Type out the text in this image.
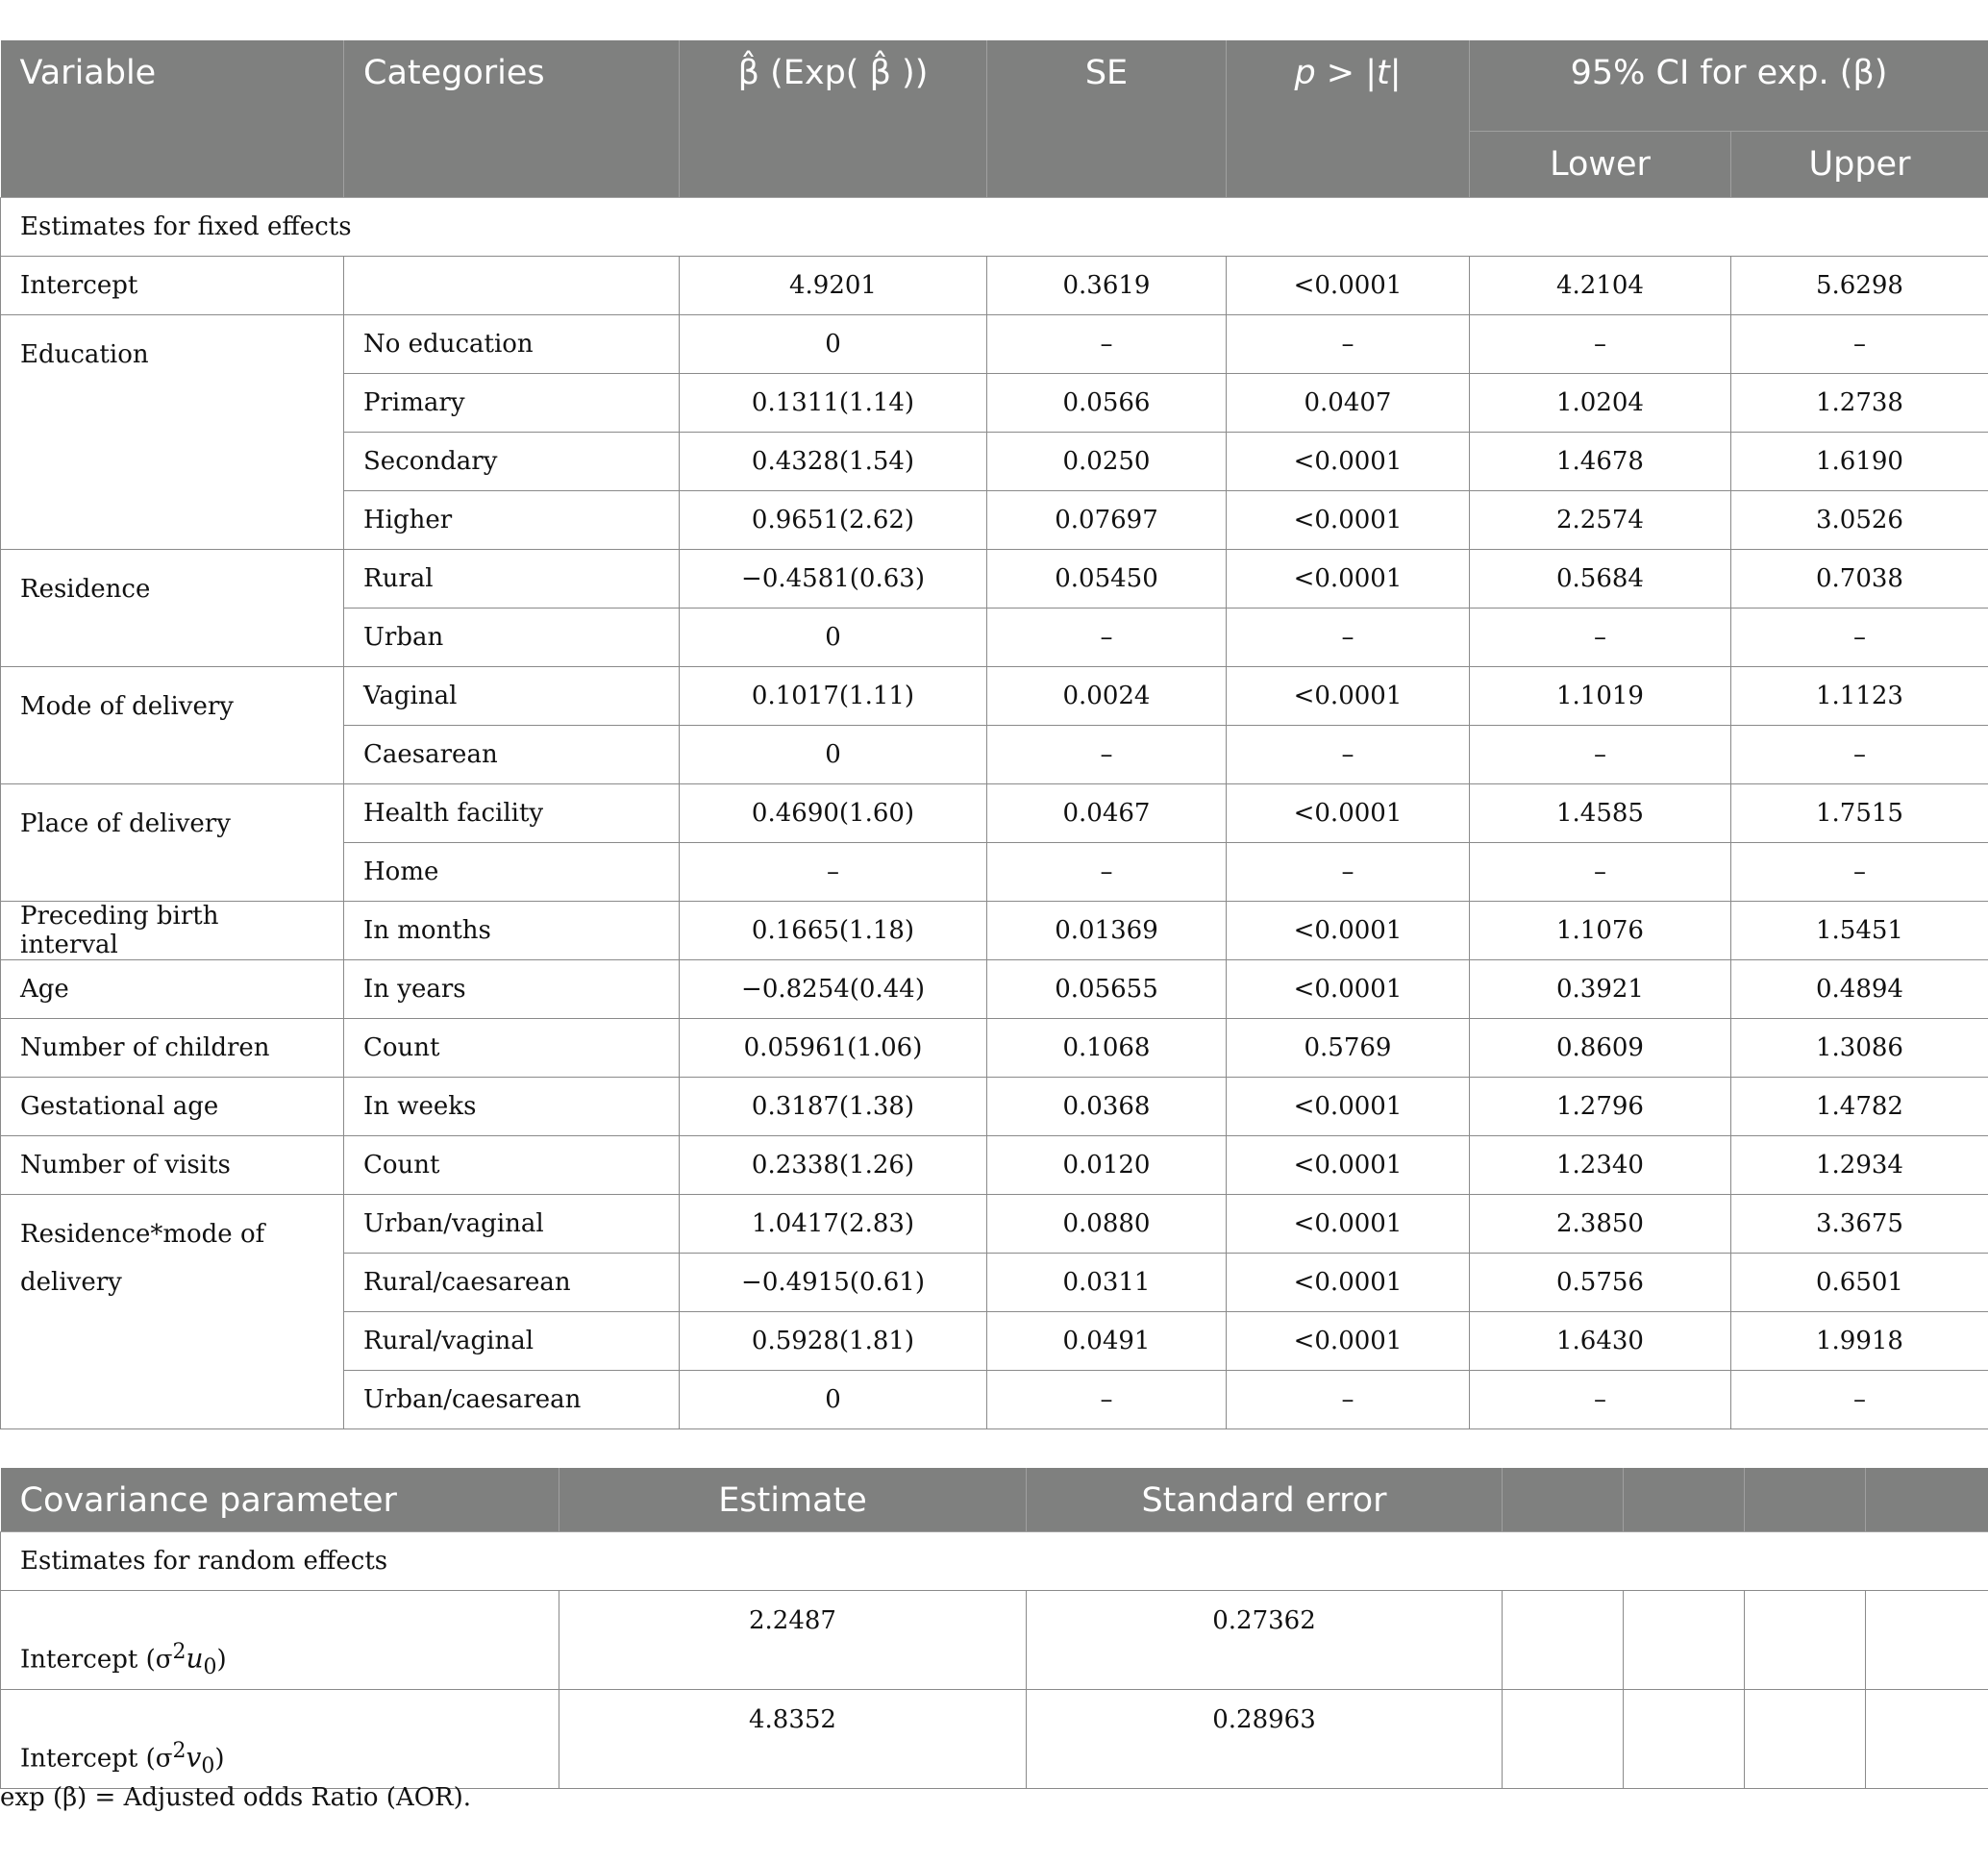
Variable	Categories	β̂ (Exp( β̂ ))	SE	p > |t|	95% CI for exp. (β)	
					Lower	Upper
Estimates for fixed effects						
Intercept		4.9201	0.3619	<0.0001	4.2104	5.6298
Education	No education	0	–	–	–	–
	Primary	0.1311(1.14)	0.0566	0.0407	1.0204	1.2738
	Secondary	0.4328(1.54)	0.0250	<0.0001	1.4678	1.6190
	Higher	0.9651(2.62)	0.07697	<0.0001	2.2574	3.0526
Residence	Rural	−0.4581(0.63)	0.05450	<0.0001	0.5684	0.7038
	Urban	0	–	–	–	–
Mode of delivery	Vaginal	0.1017(1.11)	0.0024	<0.0001	1.1019	1.1123
	Caesarean	0	–	–	–	–
Place of delivery	Health facility	0.4690(1.60)	0.0467	<0.0001	1.4585	1.7515
	Home	–	–	–	–	–
Preceding birth interval	In months	0.1665(1.18)	0.01369	<0.0001	1.1076	1.5451
Age	In years	−0.8254(0.44)	0.05655	<0.0001	0.3921	0.4894
Number of children	Count	0.05961(1.06)	0.1068	0.5769	0.8609	1.3086
Gestational age	In weeks	0.3187(1.38)	0.0368	<0.0001	1.2796	1.4782
Number of visits	Count	0.2338(1.26)	0.0120	<0.0001	1.2340	1.2934
Residence*mode of delivery	Urban/vaginal	1.0417(2.83)	0.0880	<0.0001	2.3850	3.3675
	Rural/caesarean	−0.4915(0.61)	0.0311	<0.0001	0.5756	0.6501
	Rural/vaginal	0.5928(1.81)	0.0491	<0.0001	1.6430	1.9918
	Urban/caesarean	0	–	–	–	–
Covariance parameter	Estimate	Standard error				
Estimates for random effects						
Intercept $(\sigma^2u_0)$	2.2487	0.27362				
Intercept $(\sigma^2v_0)$	4.8352	0.28963				
exp (β) = Adjusted odds Ratio (AOR).
